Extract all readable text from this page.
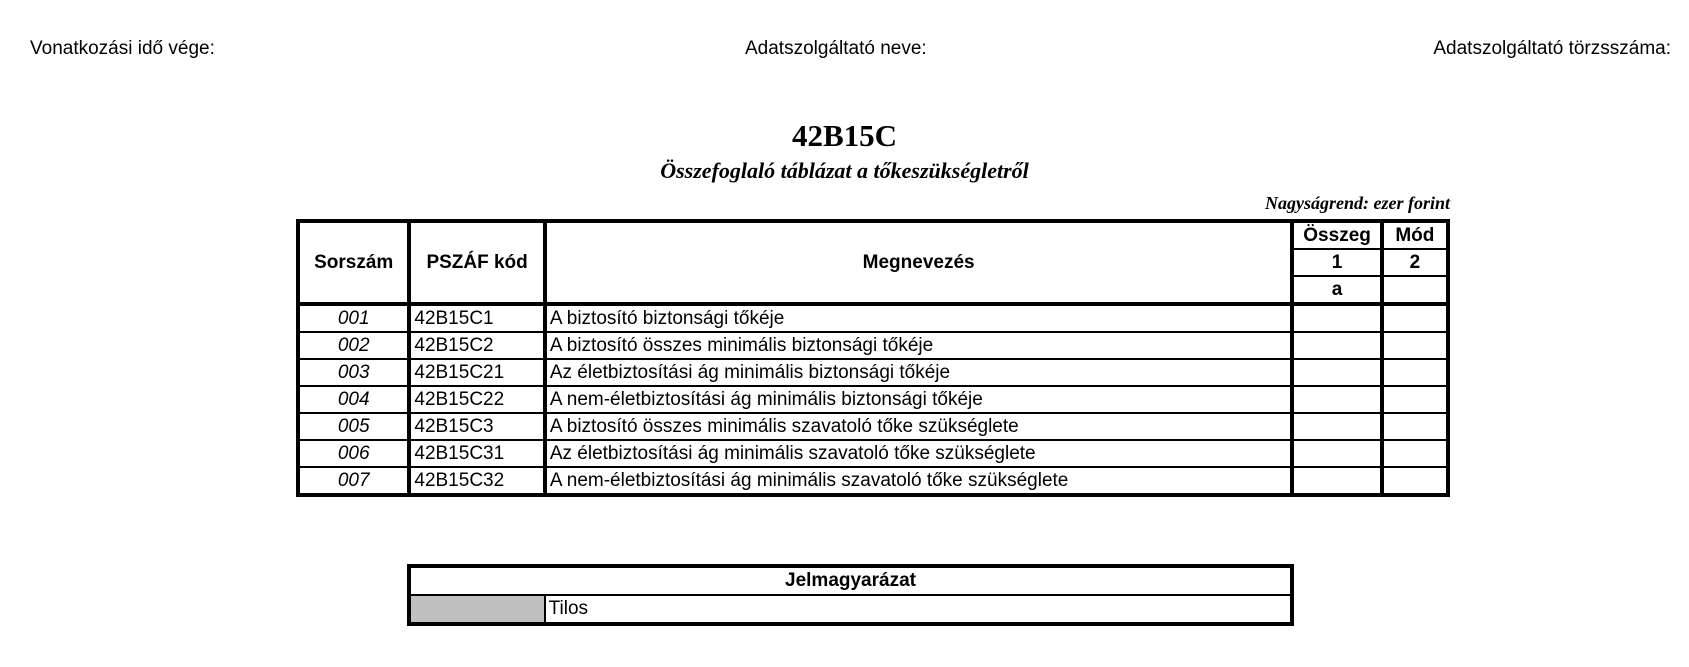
Vonatkozási idő vége:	Adatszolgáltató neve:	Adatszolgáltató törzsszáma:
42B15C
Összefoglaló táblázat a tőkeszükségletről
Nagyságrend: ezer forint
Sorszám	PSZÁF kód	Megnevezés	Összeg	Mód
			1	2
			a	
001	42B15C1	A biztosító biztonsági tőkéje		
002	42B15C2	A biztosító összes minimális biztonsági tőkéje		
003	42B15C21	Az életbiztosítási ág minimális biztonsági tőkéje		
004	42B15C22	A nem-életbiztosítási ág minimális biztonsági tőkéje		
005	42B15C3	A biztosító összes minimális szavatoló tőke szükséglete		
006	42B15C31	Az életbiztosítási ág minimális szavatoló tőke szükséglete		
007	42B15C32	A nem-életbiztosítási ág minimális szavatoló tőke szükséglete		
Jelmagyarázat
	Tilos
